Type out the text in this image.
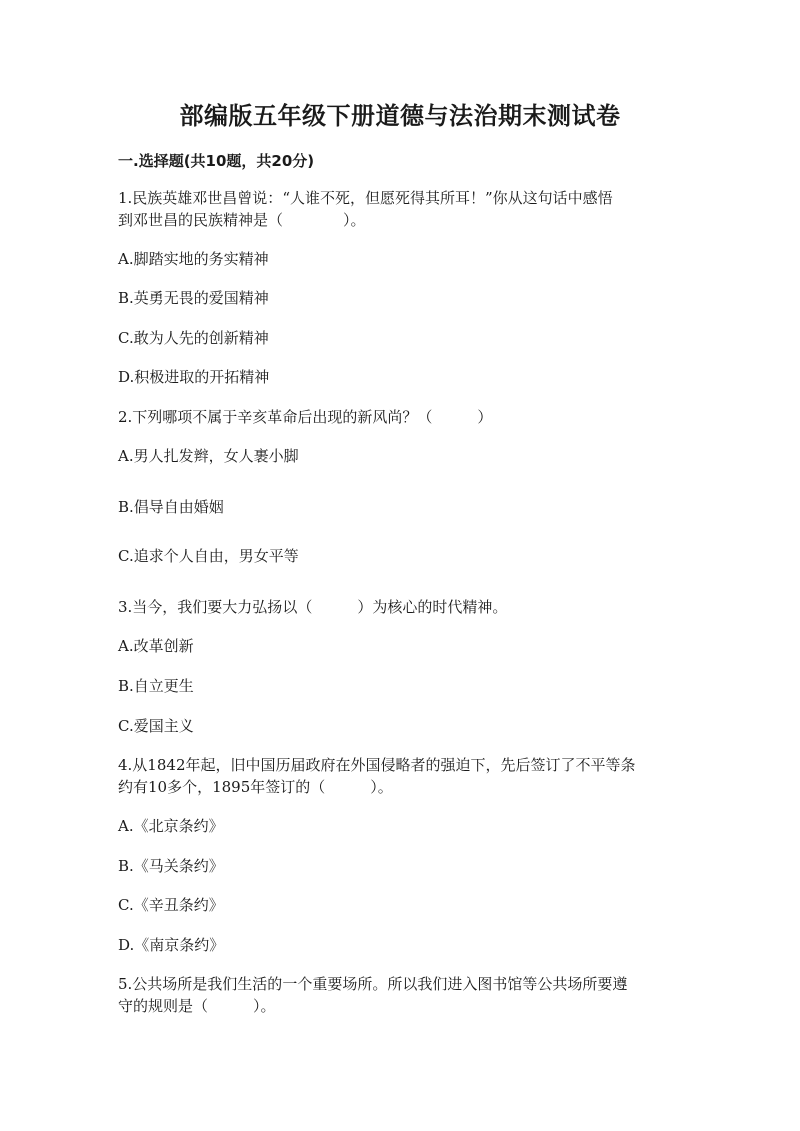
部编版五年级下册道德与法治期末测试卷
一.选择题(共10题，共20分)
1.民族英雄邓世昌曾说：“人谁不死，但愿死得其所耳！”你从这句话中感悟
到邓世昌的民族精神是（　　　　）。
A.脚踏实地的务实精神
B.英勇无畏的爱国精神
C.敢为人先的创新精神
D.积极进取的开拓精神
2.下列哪项不属于辛亥革命后出现的新风尚？（　　　）
A.男人扎发辫，女人裹小脚
B.倡导自由婚姻
C.追求个人自由，男女平等
3.当今，我们要大力弘扬以（　　　）为核心的时代精神。
A.改革创新
B.自立更生
C.爱国主义
4.从1842年起，旧中国历届政府在外国侵略者的强迫下，先后签订了不平等条
约有10多个，1895年签订的（　　　）。
A.《北京条约》
B.《马关条约》
C.《辛丑条约》
D.《南京条约》
5.公共场所是我们生活的一个重要场所。所以我们进入图书馆等公共场所要遵
守的规则是（　　　）。
